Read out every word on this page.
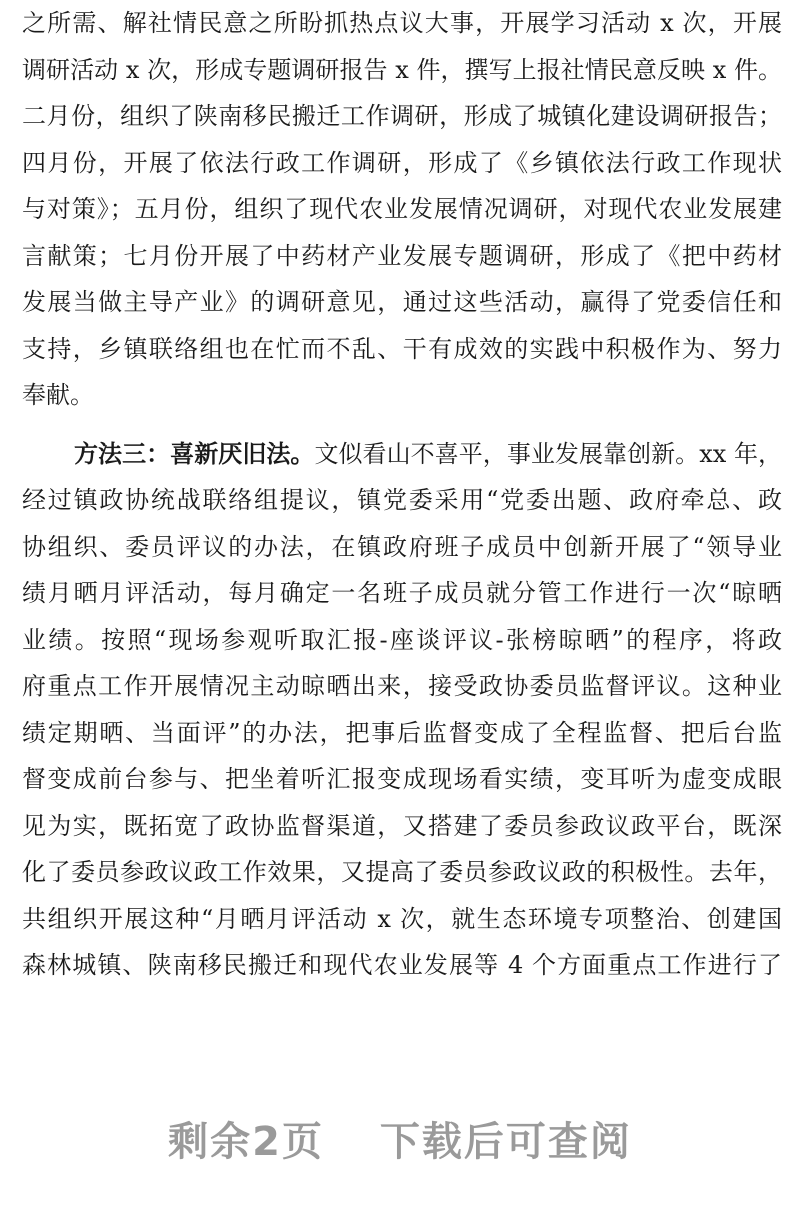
之所需、解社情民意之所盼抓热点议大事，开展学习活动 x 次，开展
调研活动 x 次，形成专题调研报告 x 件，撰写上报社情民意反映 x 件。
二月份，组织了陕南移民搬迁工作调研，形成了城镇化建设调研报告；
四月份，开展了依法行政工作调研，形成了《乡镇依法行政工作现状
与对策》；五月份，组织了现代农业发展情况调研，对现代农业发展建
言献策；七月份开展了中药材产业发展专题调研，形成了《把中药材
发展当做主导产业》的调研意见，通过这些活动，赢得了党委信任和
支持，乡镇联络组也在忙而不乱、干有成效的实践中积极作为、努力
奉献。
方法三：喜新厌旧法。文似看山不喜平，事业发展靠创新。xx 年，
经过镇政协统战联络组提议，镇党委采用“党委出题、政府牵总、政
协组织、委员评议的办法，在镇政府班子成员中创新开展了“领导业
绩月晒月评活动，每月确定一名班子成员就分管工作进行一次“晾晒
业绩。按照“现场参观听取汇报-座谈评议-张榜晾晒”的程序，将政
府重点工作开展情况主动晾晒出来，接受政协委员监督评议。这种业
绩定期晒、当面评”的办法，把事后监督变成了全程监督、把后台监
督变成前台参与、把坐着听汇报变成现场看实绩，变耳听为虚变成眼
见为实，既拓宽了政协监督渠道，又搭建了委员参政议政平台，既深
化了委员参政议政工作效果，又提高了委员参政议政的积极性。去年，
共组织开展这种“月晒月评活动 x 次，就生态环境专项整治、创建国
森林城镇、陕南移民搬迁和现代农业发展等 4 个方面重点工作进行了
剩余2页 下载后可查阅
